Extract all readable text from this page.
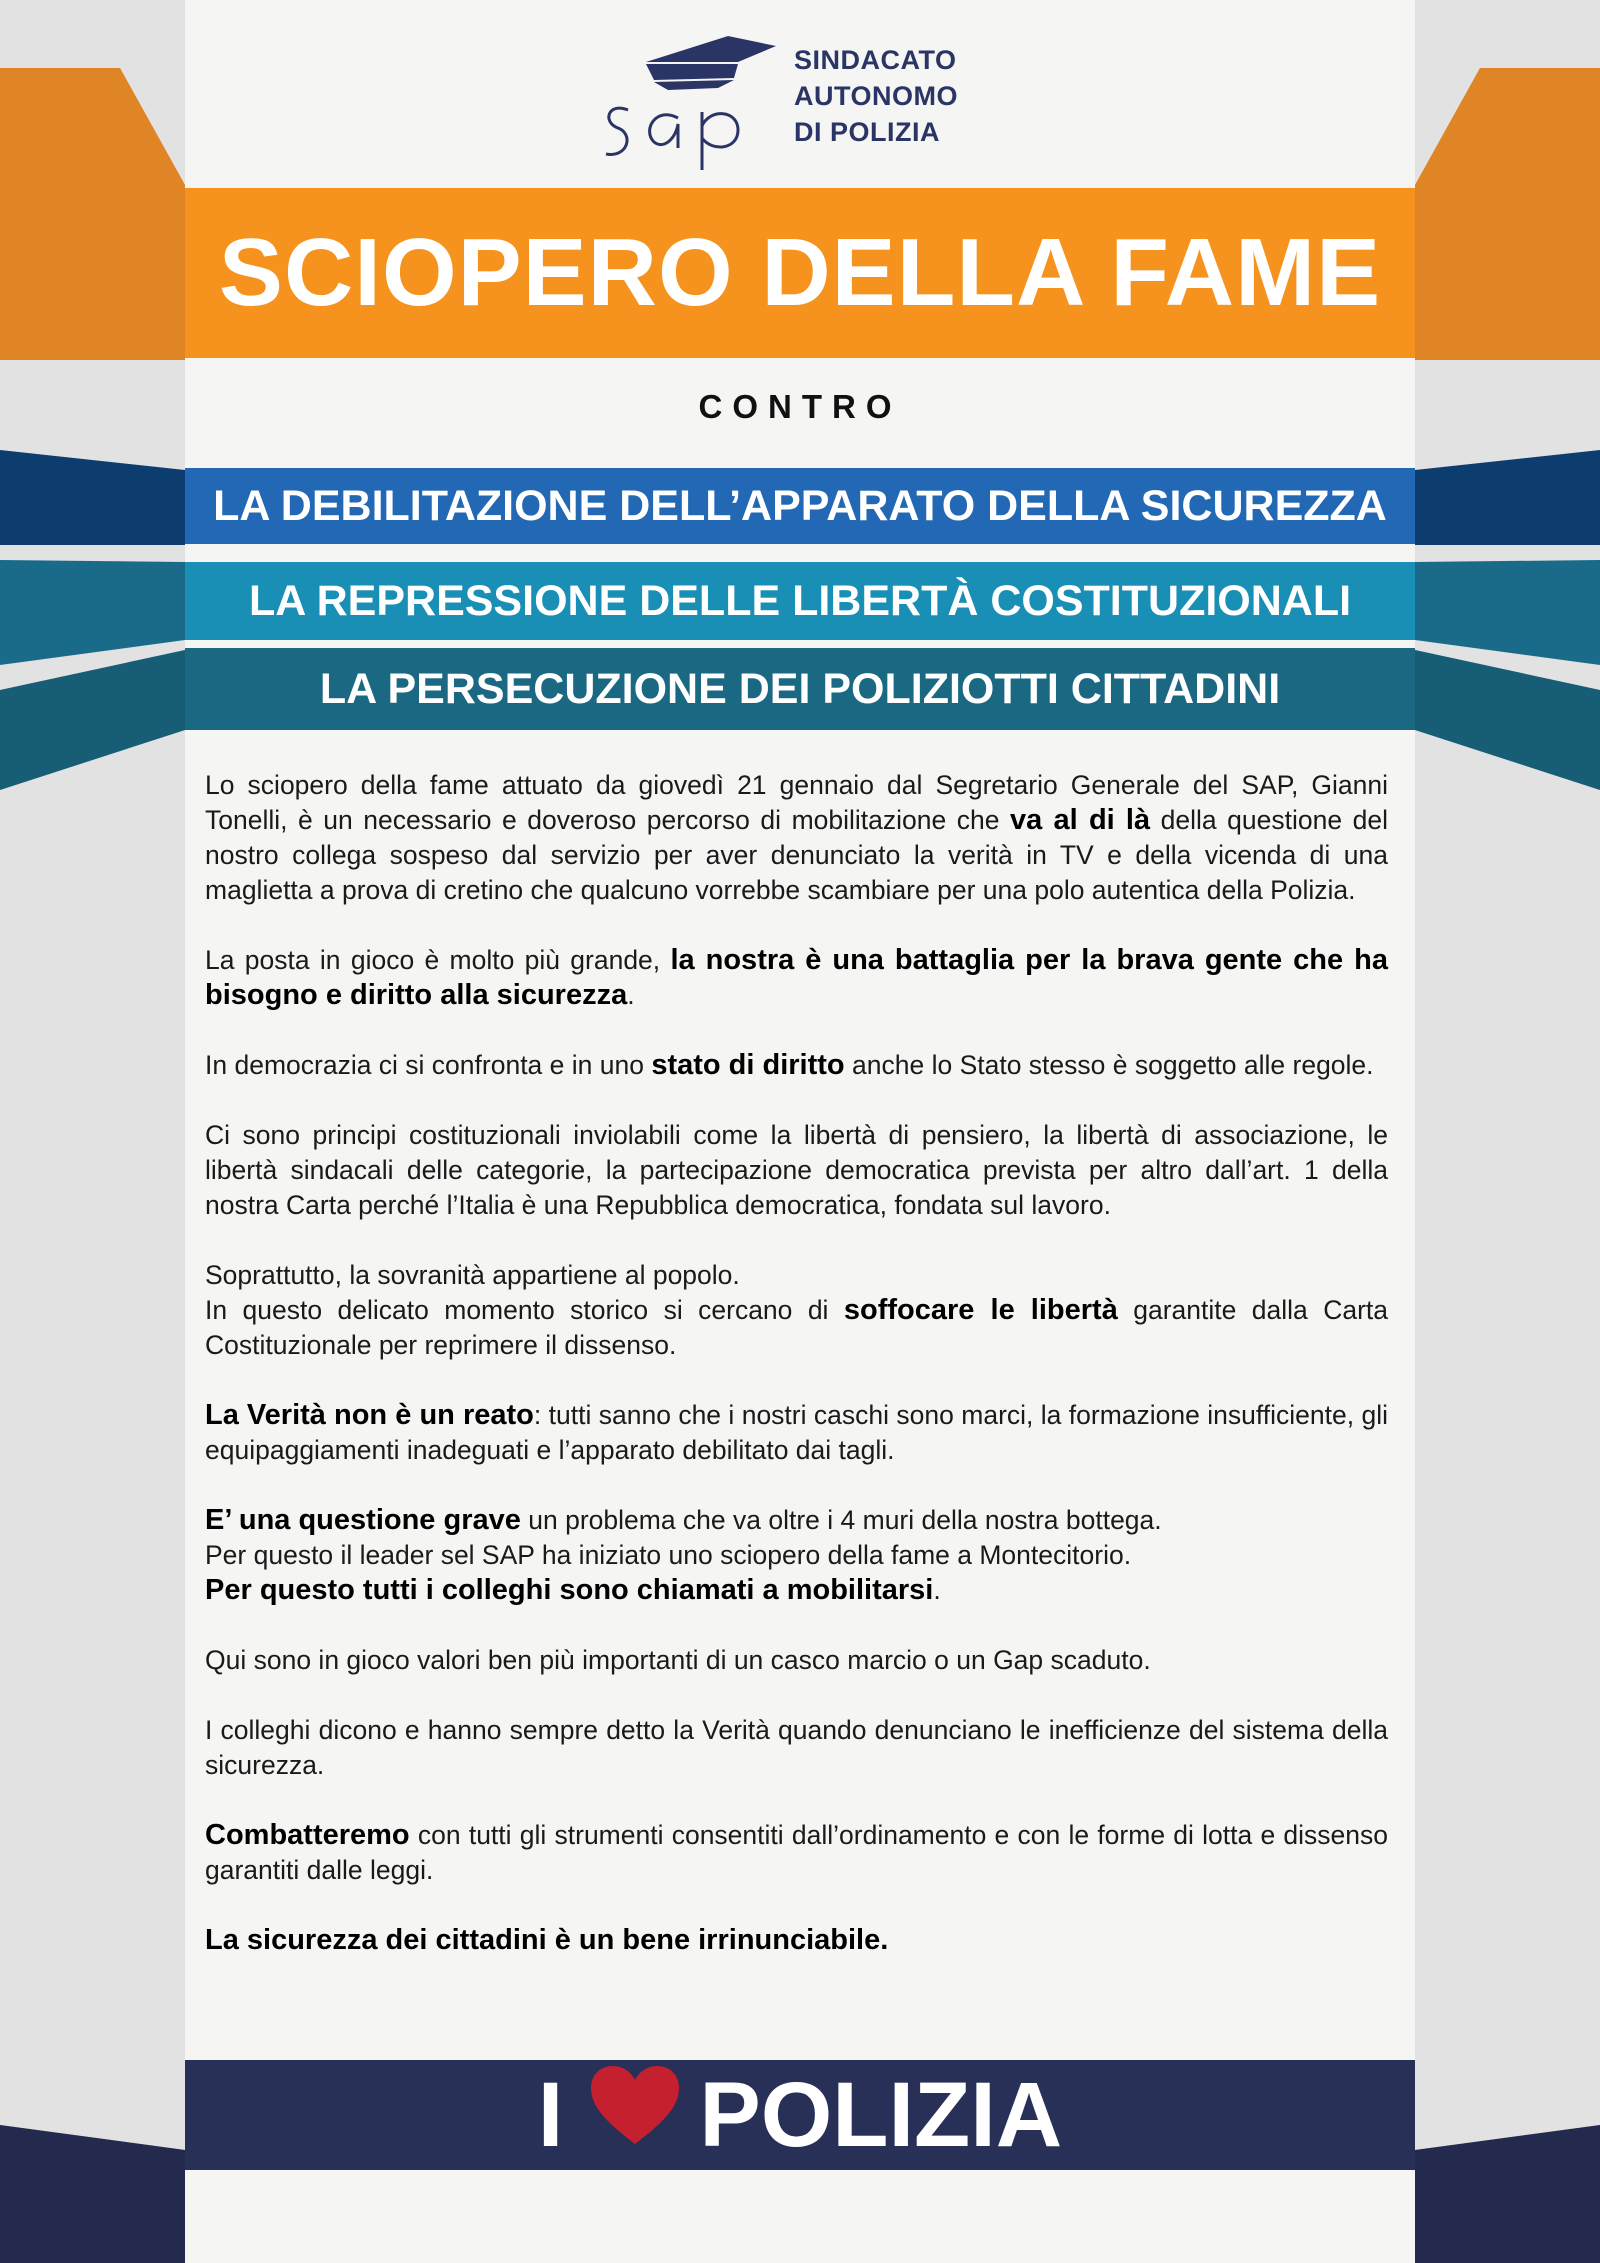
SINDACATO
AUTONOMO
DI POLIZIA
SCIOPERO DELLA FAME
CONTRO
LA DEBILITAZIONE DELL’APPARATO DELLA SICUREZZA
LA REPRESSIONE DELLE LIBERTÀ COSTITUZIONALI
LA PERSECUZIONE DEI POLIZIOTTI CITTADINI

Lo sciopero della fame attuato da giovedì 21 gennaio dal Segretario Generale del SAP, Gianni Tonelli, è un necessario e doveroso percorso di mobilitazione che va al di là della questione del nostro collega sospeso dal servizio per aver denunciato la verità in TV e della vicenda di una maglietta a prova di cretino che qualcuno vorrebbe scambiare per una polo autentica della Polizia.

La posta in gioco è molto più grande, la nostra è una battaglia per la brava gente che ha bisogno e diritto alla sicurezza.

In democrazia ci si confronta e in uno stato di diritto anche lo Stato stesso è soggetto alle regole.

Ci sono principi costituzionali inviolabili come la libertà di pensiero, la libertà di associazione, le libertà sindacali delle categorie, la partecipazione democratica prevista per altro dall’art. 1 della nostra Carta perché l’Italia è una Repubblica democratica, fondata sul lavoro.

Soprattutto, la sovranità appartiene al popolo.
In questo delicato momento storico si cercano di soffocare le libertà garantite dalla Carta Costituzionale per reprimere il dissenso.

La Verità non è un reato: tutti sanno che i nostri caschi sono marci, la formazione insufficiente, gli equipaggiamenti inadeguati e l’apparato debilitato dai tagli.

E’ una questione grave un problema che va oltre i 4 muri della nostra bottega.
Per questo il leader sel SAP ha iniziato uno sciopero della fame a Montecitorio.
Per questo tutti i colleghi sono chiamati a mobilitarsi.

Qui sono in gioco valori ben più importanti di un casco marcio o un Gap scaduto.

I colleghi dicono e hanno sempre detto la Verità quando denunciano le inefficienze del sistema della sicurezza.

Combatteremo con tutti gli strumenti consentiti dall’ordinamento e con le forme di lotta e dissenso garantiti dalle leggi.

La sicurezza dei cittadini è un bene irrinunciabile.

I POLIZIA
